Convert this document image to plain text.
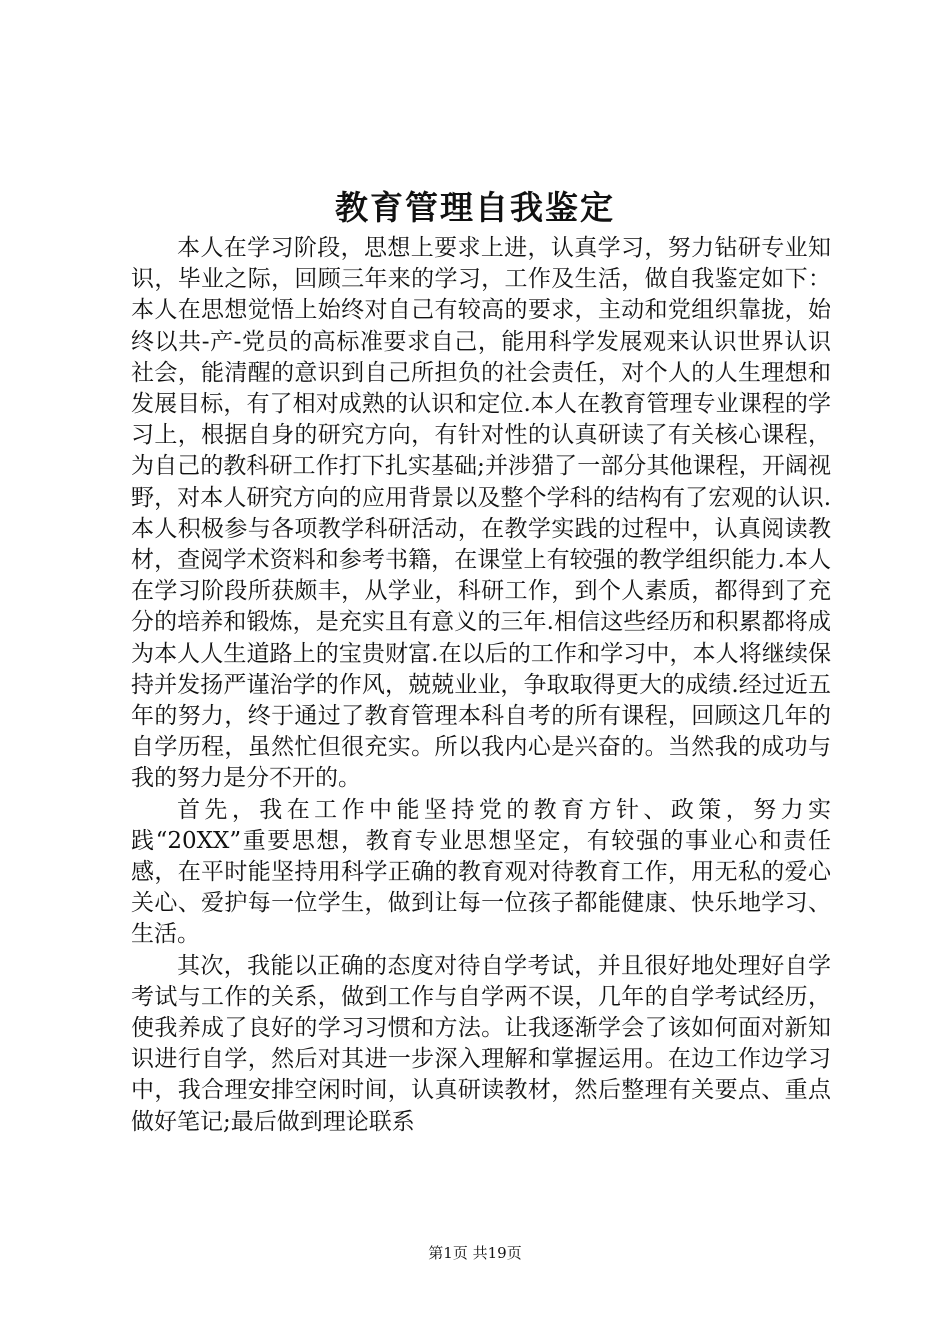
教育管理自我鉴定

本人在学习阶段，思想上要求上进，认真学习，努力钻研专业知识，毕业之际，回顾三年来的学习，工作及生活，做自我鉴定如下：本人在思想觉悟上始终对自己有较高的要求，主动和党组织靠拢，始终以共-产-党员的高标准要求自己，能用科学发展观来认识世界认识社会，能清醒的意识到自己所担负的社会责任，对个人的人生理想和发展目标，有了相对成熟的认识和定位.本人在教育管理专业课程的学习上，根据自身的研究方向，有针对性的认真研读了有关核心课程，为自己的教科研工作打下扎实基础;并涉猎了一部分其他课程，开阔视野，对本人研究方向的应用背景以及整个学科的结构有了宏观的认识.本人积极参与各项教学科研活动，在教学实践的过程中，认真阅读教材，查阅学术资料和参考书籍，在课堂上有较强的教学组织能力.本人在学习阶段所获颇丰，从学业，科研工作，到个人素质，都得到了充分的培养和锻炼，是充实且有意义的三年.相信这些经历和积累都将成为本人人生道路上的宝贵财富.在以后的工作和学习中，本人将继续保持并发扬严谨治学的作风，兢兢业业，争取取得更大的成绩.经过近五年的努力，终于通过了教育管理本科自考的所有课程，回顾这几年的自学历程，虽然忙但很充实。所以我内心是兴奋的。当然我的成功与我的努力是分不开的。

首先，我在工作中能坚持党的教育方针、政策，努力实践“20XX”重要思想，教育专业思想坚定，有较强的事业心和责任感，在平时能坚持用科学正确的教育观对待教育工作，用无私的爱心关心、爱护每一位学生，做到让每一位孩子都能健康、快乐地学习、生活。

其次，我能以正确的态度对待自学考试，并且很好地处理好自学考试与工作的关系，做到工作与自学两不误，几年的自学考试经历，使我养成了良好的学习习惯和方法。让我逐渐学会了该如何面对新知识进行自学，然后对其进一步深入理解和掌握运用。在边工作边学习中，我合理安排空闲时间，认真研读教材，然后整理有关要点、重点做好笔记;最后做到理论联系

第1页 共19页
